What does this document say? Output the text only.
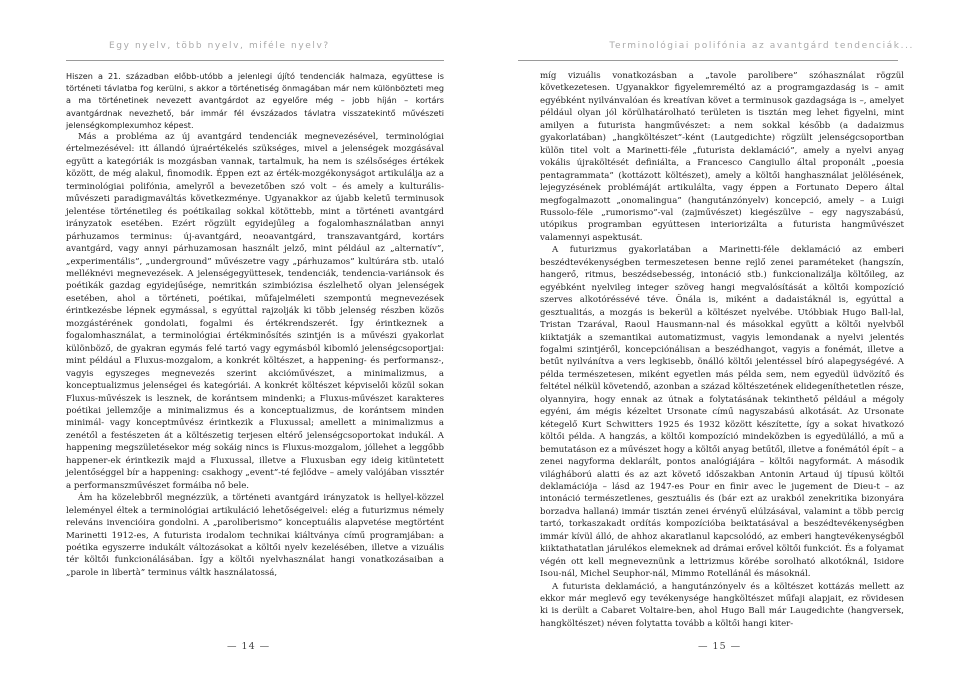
Egy nyelv, több nyelv, miféle nyelv?

Hiszen a 21. században előbb-utóbb a jelenlegi újító tendenciák halmaza, együttese is történeti távlatba fog kerülni, s akkor a történetiség önmagában már nem különbözteti meg a ma történetinek nevezett avantgárdot az egyelőre még – jobb híján – kortárs avantgárdnak nevezhető, bár immár fél évszázados távlatra visszatekintő művészeti jelenségkomplexumhoz képest.

Más a probléma az új avantgárd tendenciák megnevezésével, terminológiai értelmezésével: itt állandó újraértékelés szükséges, mivel a jelenségek mozgásával együtt a kategóriák is mozgásban vannak, tartalmuk, ha nem is szélsőséges értékek között, de még alakul, finomodik. Éppen ezt az érték-mozgékonyságot artikulálja az a terminológiai polifónia, amelyről a bevezetőben szó volt – és amely a kulturális-művészeti paradigmaváltás következménye. Ugyanakkor az újabb keletű terminusok jelentése történetileg és poétikailag sokkal kötöttebb, mint a történeti avantgárd irányzatok esetében. Ezért rögzült egyidejűleg a fogalomhasználatban annyi párhuzamos terminus: új-avantgárd, neoavantgárd, transzavantgárd, kortárs avantgárd, vagy annyi párhuzamosan használt jelző, mint például az „alternatív”, „experimentális”, „underground” művészetre vagy „párhuzamos” kultúrára stb. utaló melléknévi megnevezések. A jelenségegyüttesek, tendenciák, tendencia-variánsok és poétikák gazdag egyidejűsége, nemritkán szimbiózisa észlelhető olyan jelenségek esetében, ahol a történeti, poétikai, műfajelméleti szempontú megnevezések érintkezésbe lépnek egymással, s egyúttal rajzolják ki több jelenség részben közös mozgástérének gondolati, fogalmi és értékrendszerét. Így érintkeznek a fogalomhasználat, a terminológiai értékminősítés szintjén is a művészi gyakorlat különböző, de gyakran egymás felé tartó vagy egymásból kibomló jelenségcsoportjai: mint például a Fluxus-mozgalom, a konkrét költészet, a happening- és performansz-, vagyis egyszeges megnevezés szerint akcióművészet, a minimalizmus, a konceptualizmus jelenségei és kategóriái. A konkrét költészet képviselői közül sokan Fluxus-művészek is lesznek, de korántsem mindenki; a Fluxus-művészet karakteres poétikai jellemzője a minimalizmus és a konceptualizmus, de korántsem minden minimál- vagy konceptművész érintkezik a Fluxussal; amellett a minimalizmus a zenétől a festészeten át a költészetig terjesen eltérő jelenségcsoportokat indukál. A happening megszületésekor még sokáig nincs is Fluxus-mozgalom, jóllehet a leggőbb happener-ek érintkezik majd a Fluxussal, illetve a Fluxusban egy ideig kitüntetett jelentőséggel bír a happening: csakhogy „event”-té fejlődve – amely valójában vissztér a performanszművészet formáiba nő bele.

Ám ha közelebbről megnézzük, a történeti avantgárd irányzatok is hellyel-közzel leleményel éltek a terminológiai artikuláció lehetőségeivel: elég a futurizmus némely releváns invencióira gondolni. A „paroliberismo” konceptuális alapvetése megtörtént Marinetti 1912-es, A futurista irodalom technikai kiáltványa című programjában: a poétika egyszerre indukált változásokat a költői nyelv kezelésében, illetve a vizuális tér költői funkcionálásában. Így a költői nyelvhasználat hangi vonatkozásaiban a „parole in libertà” terminus váltk használatossá,

— 14 —
Terminológiai polifónia az avantgárd tendenciák...

míg vizuális vonatkozásban a „tavole parolibere” szóhasználat rögzül következetesen. Ugyanakkor figyelemreméltó az a programgazdaság is – amit egyébként nyilvánvalóan és kreatívan követ a terminusok gazdagsága is –, amelyet például olyan jól körülhatárolható területen is tisztán meg lehet figyelni, mint amilyen a futurista hangművészet: a nem sokkal később (a dadaizmus gyakorlatában) „hangköltészet”-ként (Lautgedichte) rögzült jelenségcsoportban külön titel volt a Marinetti-féle „futurista deklamáció”, amely a nyelvi anyag vokális újraköltését definiálta, a Francesco Cangiullo által proponált „poesia pentagrammata” (kottázott költészet), amely a költői hanghasználat jelölésének, lejegyzésének problémáját artikulálta, vagy éppen a Fortunato Depero által megfogalmazott „onomalingua” (hangutánzónyelv) koncepció, amely – a Luigi Russolo-féle „rumorismo”-val (zajművészet) kiegészülve – egy nagyszabású, utópikus programban egyúttesen interiorizálta a futurista hangművészet valamennyi aspektusát.

A futurizmus gyakorlatában a Marinetti-féle deklamáció az emberi beszédtevékenységben termeszetesen benne rejlő zenei paraméteket (hangszín, hangerő, ritmus, beszédsebesség, intonáció stb.) funkcionalizálja költőileg, az egyébként nyelvileg integer szöveg hangi megvalósítását a költői kompozíció szerves alkotóréssévé téve. Önála is, miként a dadaistáknál is, egyúttal a gesztualitás, a mozgás is bekerül a költészet nyelvébe. Utóbbiak Hugo Ball-lal, Tristan Tzarával, Raoul Hausmann-nal és másokkal együtt a költői nyelvből kiiktatják a szemantikai automatizmust, vagyis lemondanak a nyelvi jelentés fogalmi szintjéről, koncepciónálisan a beszédhangot, vagyis a fonémát, illetve a betűt nyilvánítva a vers legkisebb, önálló költői jelentéssel bíró alapegységévé. A példa természetesen, miként egyetlen más példa sem, nem egyedül üdvözítő és feltétel nélkül követendő, azonban a század költészetének elidegeníthetetlen része, olyannyira, hogy ennak az útnak a folytatásának tekinthető például a mégoly egyéni, ám mégis kézeltet Ursonate című nagyszabású alkotását. Az Ursonate kétegelő Kurt Schwitters 1925 és 1932 között készítette, így a sokat hivatkozó költői példa. A hangzás, a költői kompozíció mindeközben is egyedülálló, a mű a bemutatáson ez a művészet hogy a költői anyag betűtől, illetve a fonémától épít – a zenei nagyforma deklarált, pontos analógiájára – költői nagyformát. A második világháború alatti és az azt követő időszakban Antonin Artaud új típusú költői deklamációja – lásd az 1947-es Pour en finir avec le jugement de Dieu-t – az intonáció természetlenes, gesztuális és (bár ezt az urakból zenekritika bizonyára borzadva hallaná) immár tisztán zenei érvényű elúlzásával, valamint a több percig tartó, torkaszakadt ordítás kompozícióba beiktatásával a beszédtevékenységben immár kívül álló, de ahhoz akaratlanul kapcsolódó, az emberi hangtevékenységből kiiktathatatlan járulékos elemeknek ad drámai erővel költői funkciót. És a folyamat végén ott kell megneveznünk a lettrizmus körébe sorolható alkotóknál, Isidore Isou-nál, Michel Seuphor-nál, Mimmo Rotellánál és másoknál.

A futurista deklamáció, a hangutánzónyelv és a költészet kottázás mellett az ekkor már meglevő egy tevékenysége hangköltészet műfaji alapjait, ez rövidesen ki is derült a Cabaret Voltaire-ben, ahol Hugo Ball már Laugedichte (hangversek, hangköltészet) néven folytatta tovább a költői hangi kiter-

— 15 —
